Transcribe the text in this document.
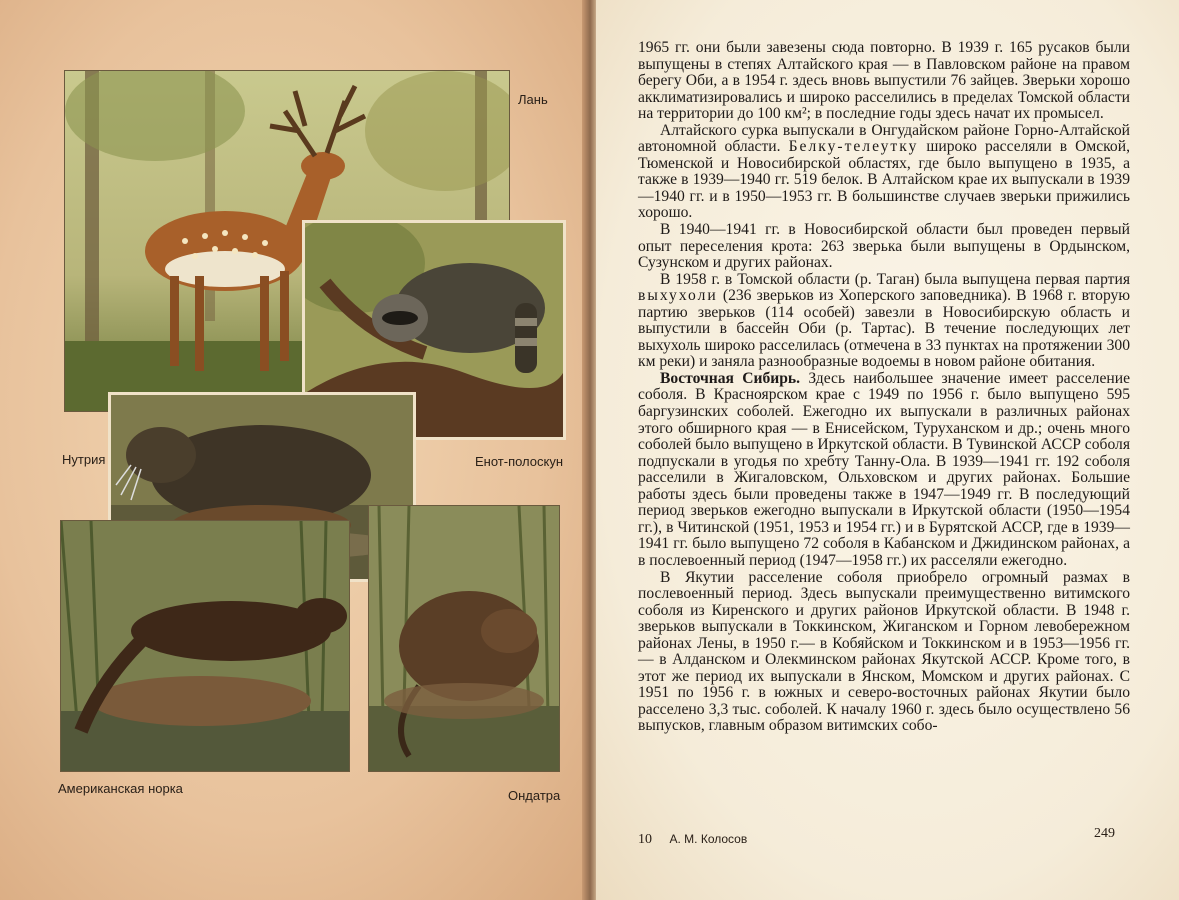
Лань
Нутрия	Енот-полоскун
Американская норка	Ондатра

1965 гг. они были завезены сюда повторно. В 1939 г. 165 русаков были выпущены в степях Алтайского края — в Павловском районе на правом берегу Оби, а в 1954 г. здесь вновь выпустили 76 зайцев. Зверьки хорошо акклиматизировались и широко расселились в пределах Томской области на территории до 100 км²; в последние годы здесь начат их промысел.

Алтайского сурка выпускали в Онгудайском районе Горно-Алтайской автономной области. Белку-телеутку широко расселяли в Омской, Тюменской и Новосибирской областях, где было выпущено в 1935, а также в 1939—1940 гг. 519 белок. В Алтайском крае их выпускали в 1939—1940 гг. и в 1950—1953 гг. В большинстве случаев зверьки прижились хорошо.

В 1940—1941 гг. в Новосибирской области был проведен первый опыт переселения крота: 263 зверька были выпущены в Ордынском, Сузунском и других районах.

В 1958 г. в Томской области (р. Таган) была выпущена первая партия выхухоли (236 зверьков из Хоперского заповедника). В 1968 г. вторую партию зверьков (114 особей) завезли в Новосибирскую область и выпустили в бассейн Оби (р. Тартас). В течение последующих лет выхухоль широко расселилась (отмечена в 33 пунктах на протяжении 300 км реки) и заняла разнообразные водоемы в новом районе обитания.

Восточная Сибирь. Здесь наибольшее значение имеет расселение соболя. В Красноярском крае с 1949 по 1956 г. было выпущено 595 баргузинских соболей. Ежегодно их выпускали в различных районах этого обширного края — в Енисейском, Туруханском и др.; очень много соболей было выпущено в Иркутской области. В Тувинской АССР соболя подпускали в угодья по хребту Танну-Ола. В 1939—1941 гг. 192 соболя расселили в Жигаловском, Ольховском и других районах. Большие работы здесь были проведены также в 1947—1949 гг. В последующий период зверьков ежегодно выпускали в Иркутской области (1950—1954 гг.), в Читинской (1951, 1953 и 1954 гг.) и в Бурятской АССР, где в 1939—1941 гг. было выпущено 72 соболя в Кабанском и Джидинском районах, а в послевоенный период (1947—1958 гг.) их расселяли ежегодно.

В Якутии расселение соболя приобрело огромный размах в послевоенный период. Здесь выпускали преимущественно витимского соболя из Киренского и других районов Иркутской области. В 1948 г. зверьков выпускали в Токкинском, Жиганском и Горном левобережном районах Лены, в 1950 г.— в Кобяйском и Токкинском и в 1953—1956 гг.— в Алданском и Олекминском районах Якутской АССР. Кроме того, в этот же период их выпускали в Янском, Момском и других районах. С 1951 по 1956 г. в южных и северо-восточных районах Якутии было расселено 3,3 тыс. соболей. К началу 1960 г. здесь было осуществлено 56 выпусков, главным образом витимских собо-

10 А. М. Колосов	249
